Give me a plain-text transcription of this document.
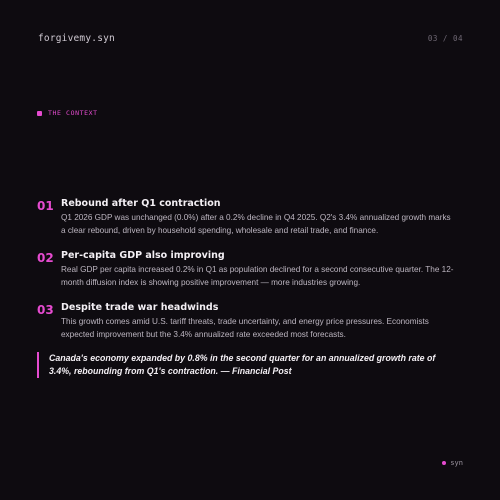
forgivemy.syn	03 / 04
THE CONTEXT
01 Rebound after Q1 contraction
Q1 2026 GDP was unchanged (0.0%) after a 0.2% decline in Q4 2025. Q2's 3.4% annualized growth marks a clear rebound, driven by household spending, wholesale and retail trade, and finance.
02 Per-capita GDP also improving
Real GDP per capita increased 0.2% in Q1 as population declined for a second consecutive quarter. The 12-month diffusion index is showing positive improvement — more industries growing.
03 Despite trade war headwinds
This growth comes amid U.S. tariff threats, trade uncertainty, and energy price pressures. Economists expected improvement but the 3.4% annualized rate exceeded most forecasts.
Canada's economy expanded by 0.8% in the second quarter for an annualized growth rate of 3.4%, rebounding from Q1's contraction. — Financial Post
syn
